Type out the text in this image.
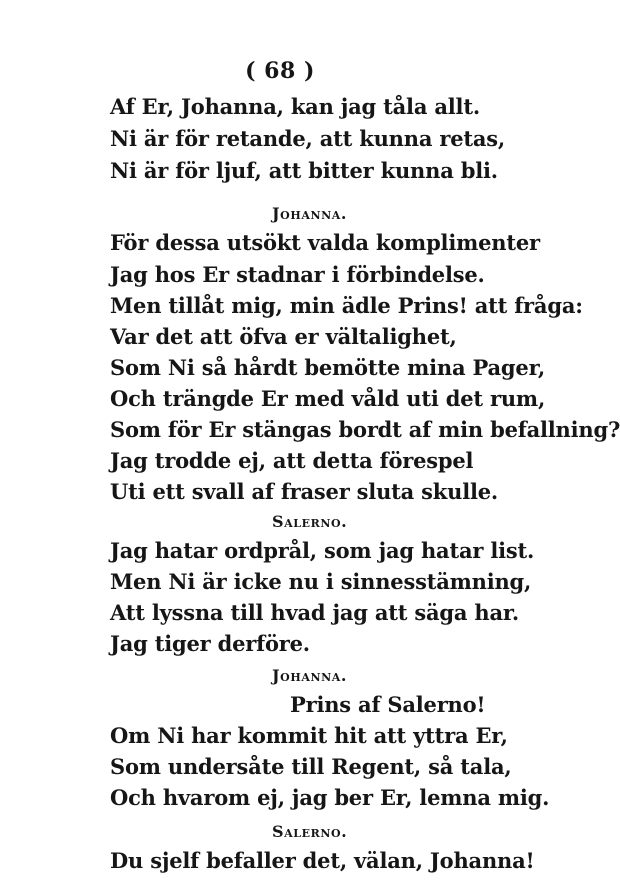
( 68 )
Af Er, Johanna, kan jag tåla allt.
Ni är för retande, att kunna retas,
Ni är för ljuf, att bitter kunna bli.
Johanna.
För dessa utsökt valda komplimenter
Jag hos Er stadnar i förbindelse.
Men tillåt mig, min ädle Prins! att fråga:
Var det att öfva er vältalighet,
Som Ni så hårdt bemötte mina Pager,
Och trängde Er med våld uti det rum,
Som för Er stängas bordt af min befallning?
Jag trodde ej, att detta förespel
Uti ett svall af fraser sluta skulle.
Salerno.
Jag hatar ordprål, som jag hatar list.
Men Ni är icke nu i sinnesstämning,
Att lyssna till hvad jag att säga har.
Jag tiger derföre.
Johanna.
Prins af Salerno!
Om Ni har kommit hit att yttra Er,
Som undersåte till Regent, så tala,
Och hvarom ej, jag ber Er, lemna mig.
Salerno.
Du sjelf befaller det, välan, Johanna!
